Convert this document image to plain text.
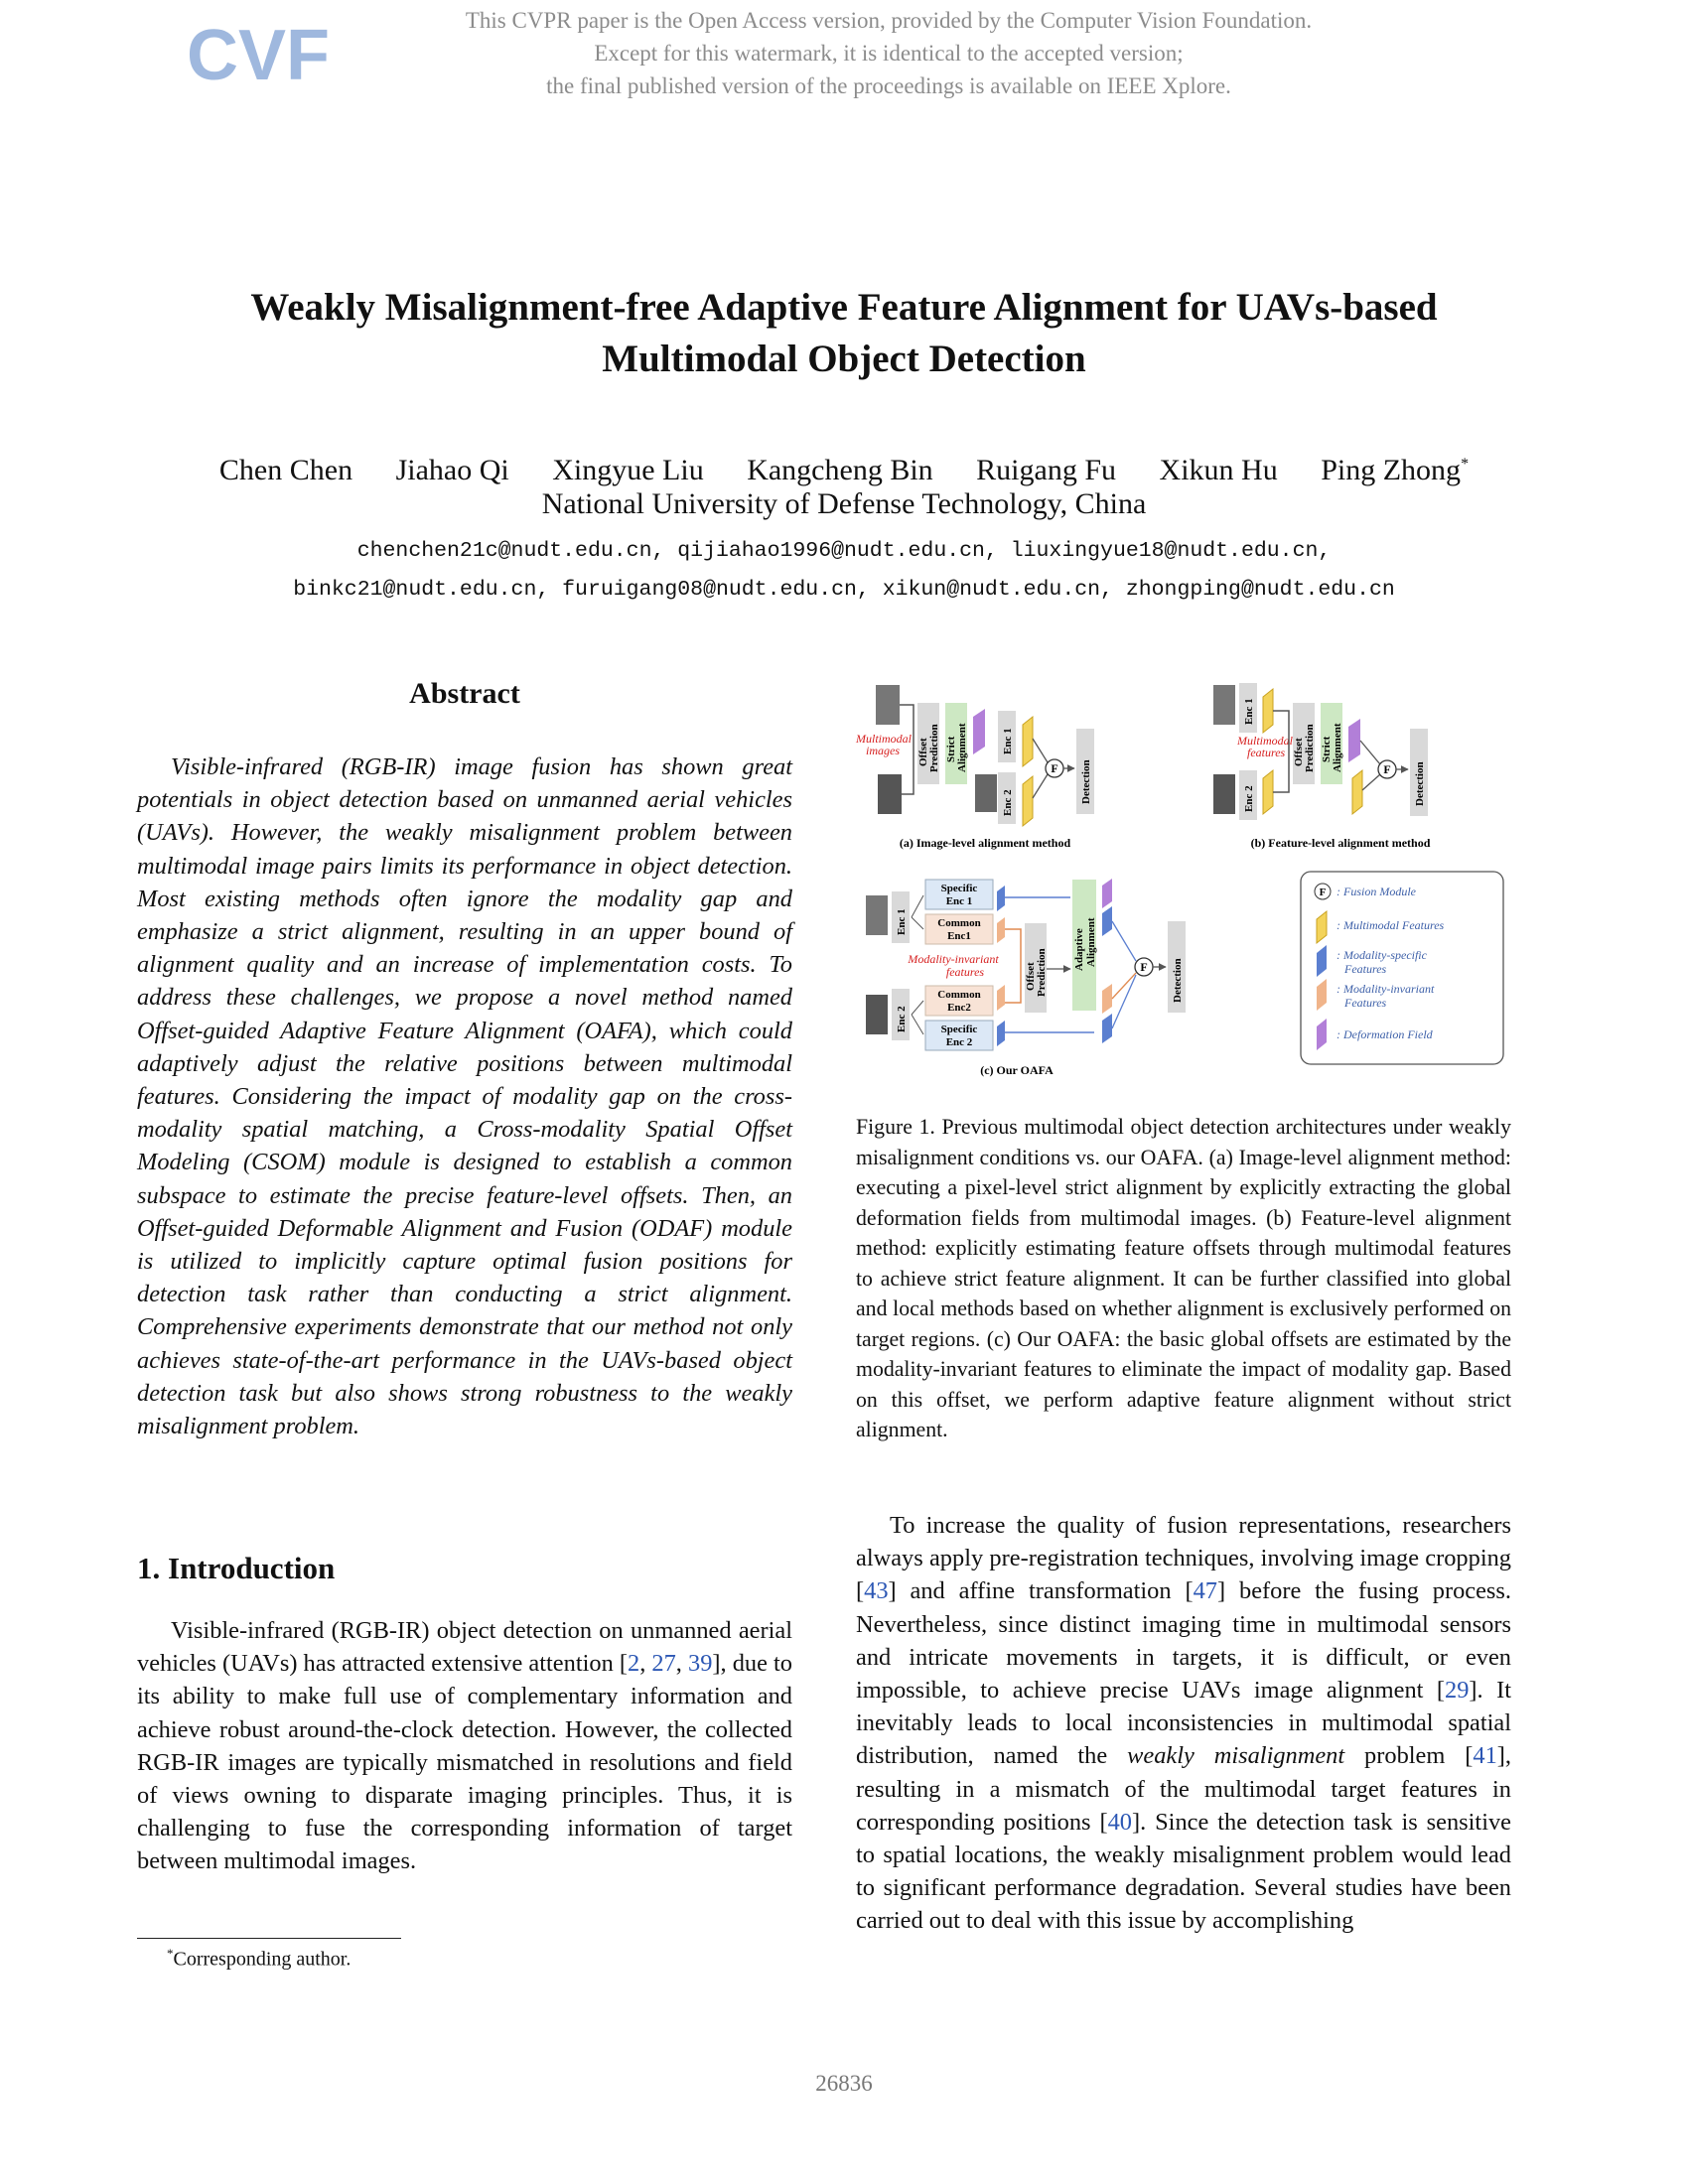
CVF	This CVPR paper is the Open Access version, provided by the Computer Vision Foundation.
Except for this watermark, it is identical to the accepted version;
the final published version of the proceedings is available on IEEE Xplore.
Weakly Misalignment-free Adaptive Feature Alignment for UAVs-based
Multimodal Object Detection
Chen Chen Jiahao Qi Xingyue Liu Kangcheng Bin Ruigang Fu Xikun Hu Ping Zhong*
National University of Defense Technology, China
chenchen21c@nudt.edu.cn, qijiahao1996@nudt.edu.cn, liuxingyue18@nudt.edu.cn,
binkc21@nudt.edu.cn, furuigang08@nudt.edu.cn, xikun@nudt.edu.cn, zhongping@nudt.edu.cn
Abstract
Visible-infrared (RGB-IR) image fusion has shown great potentials in object detection based on unmanned aerial vehicles (UAVs). However, the weakly misalignment problem between multimodal image pairs limits its performance in object detection. Most existing methods often ignore the modality gap and emphasize a strict alignment, resulting in an upper bound of alignment quality and an increase of implementation costs. To address these challenges, we propose a novel method named Offset-guided Adaptive Feature Alignment (OAFA), which could adaptively adjust the relative positions between multimodal features. Considering the impact of modality gap on the cross-modality spatial matching, a Cross-modality Spatial Offset Modeling (CSOM) module is designed to establish a common subspace to estimate the precise feature-level offsets. Then, an Offset-guided Deformable Alignment and Fusion (ODAF) module is utilized to implicitly capture optimal fusion positions for detection task rather than conducting a strict alignment. Comprehensive experiments demonstrate that our method not only achieves state-of-the-art performance in the UAVs-based object detection task but also shows strong robustness to the weakly misalignment problem.
1. Introduction
Visible-infrared (RGB-IR) object detection on unmanned aerial vehicles (UAVs) has attracted extensive attention [2, 27, 39], due to its ability to make full use of complementary information and achieve robust around-the-clock detection. However, the collected RGB-IR images are typically mismatched in resolutions and field of views owning to disparate imaging principles. Thus, it is challenging to fuse the corresponding information of target between multimodal images.
*Corresponding author.
Multimodal
images Offset Prediction Strict Alignment	Enc 1
Enc 2
F Detection
(a) Image-level alignment method
Enc 1
Enc 2
Multimodal
features Offset Prediction Strict Alignment	F Detection
(b) Feature-level alignment method
Enc 1
Enc 2
Specific
Enc 1
Common
Enc1
Modality-invariant
features
Common
Enc2
Specific
Enc 2
Offset Prediction Adaptive Alignment	F Detection
(c) Our OAFA
F : Fusion Module
: Multimodal Features
: Modality-specific
Features
: Modality-invariant
Features
: Deformation Field
Figure 1. Previous multimodal object detection architectures under weakly misalignment conditions vs. our OAFA. (a) Image-level alignment method: executing a pixel-level strict alignment by explicitly extracting the global deformation fields from multimodal images. (b) Feature-level alignment method: explicitly estimating feature offsets through multimodal features to achieve strict feature alignment. It can be further classified into global and local methods based on whether alignment is exclusively performed on target regions. (c) Our OAFA: the basic global offsets are estimated by the modality-invariant features to eliminate the impact of modality gap. Based on this offset, we perform adaptive feature alignment without strict alignment.
To increase the quality of fusion representations, researchers always apply pre-registration techniques, involving image cropping [43] and affine transformation [47] before the fusing process. Nevertheless, since distinct imaging time in multimodal sensors and intricate movements in targets, it is difficult, or even impossible, to achieve precise UAVs image alignment [29]. It inevitably leads to local inconsistencies in multimodal spatial distribution, named the weakly misalignment problem [41], resulting in a mismatch of the multimodal target features in corresponding positions [40]. Since the detection task is sensitive to spatial locations, the weakly misalignment problem would lead to significant performance degradation. Several studies have been carried out to deal with this issue by accomplishing
26836
